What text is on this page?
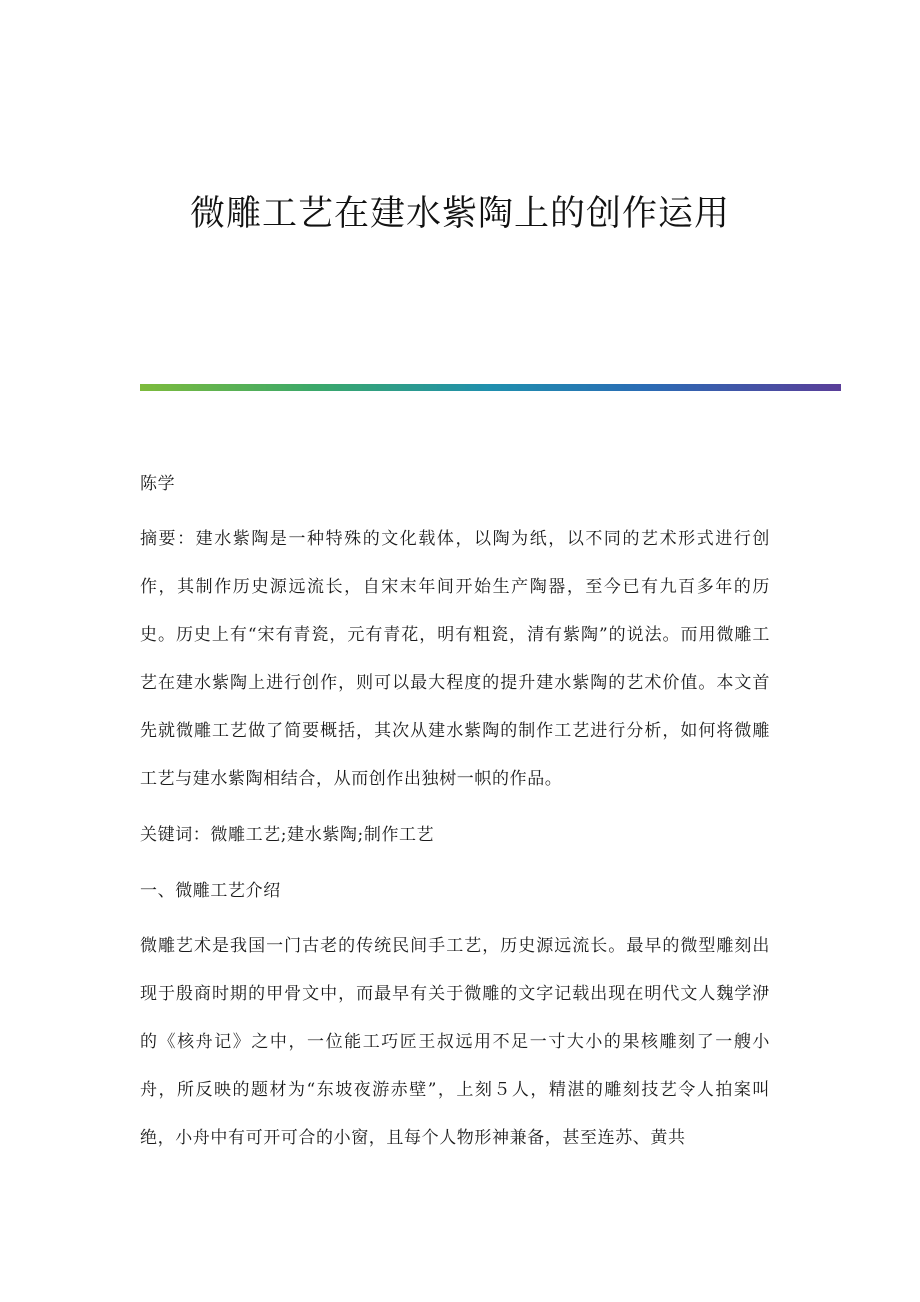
微雕工艺在建水紫陶上的创作运用

陈学

摘要：建水紫陶是一种特殊的文化载体，以陶为纸，以不同的艺术形式进行创作，其制作历史源远流长，自宋末年间开始生产陶器，至今已有九百多年的历史。历史上有“宋有青瓷，元有青花，明有粗瓷，清有紫陶”的说法。而用微雕工艺在建水紫陶上进行创作，则可以最大程度的提升建水紫陶的艺术价值。本文首先就微雕工艺做了简要概括，其次从建水紫陶的制作工艺进行分析，如何将微雕工艺与建水紫陶相结合，从而创作出独树一帜的作品。

关键词：微雕工艺;建水紫陶;制作工艺

一、微雕工艺介绍

微雕艺术是我国一门古老的传统民间手工艺，历史源远流长。最早的微型雕刻出现于殷商时期的甲骨文中，而最早有关于微雕的文字记载出现在明代文人魏学洢的《核舟记》之中，一位能工巧匠王叔远用不足一寸大小的果核雕刻了一艘小舟，所反映的题材为“东坡夜游赤壁”，上刻５人，精湛的雕刻技艺令人拍案叫绝，小舟中有可开可合的小窗，且每个人物形神兼备，甚至连苏、黄共
